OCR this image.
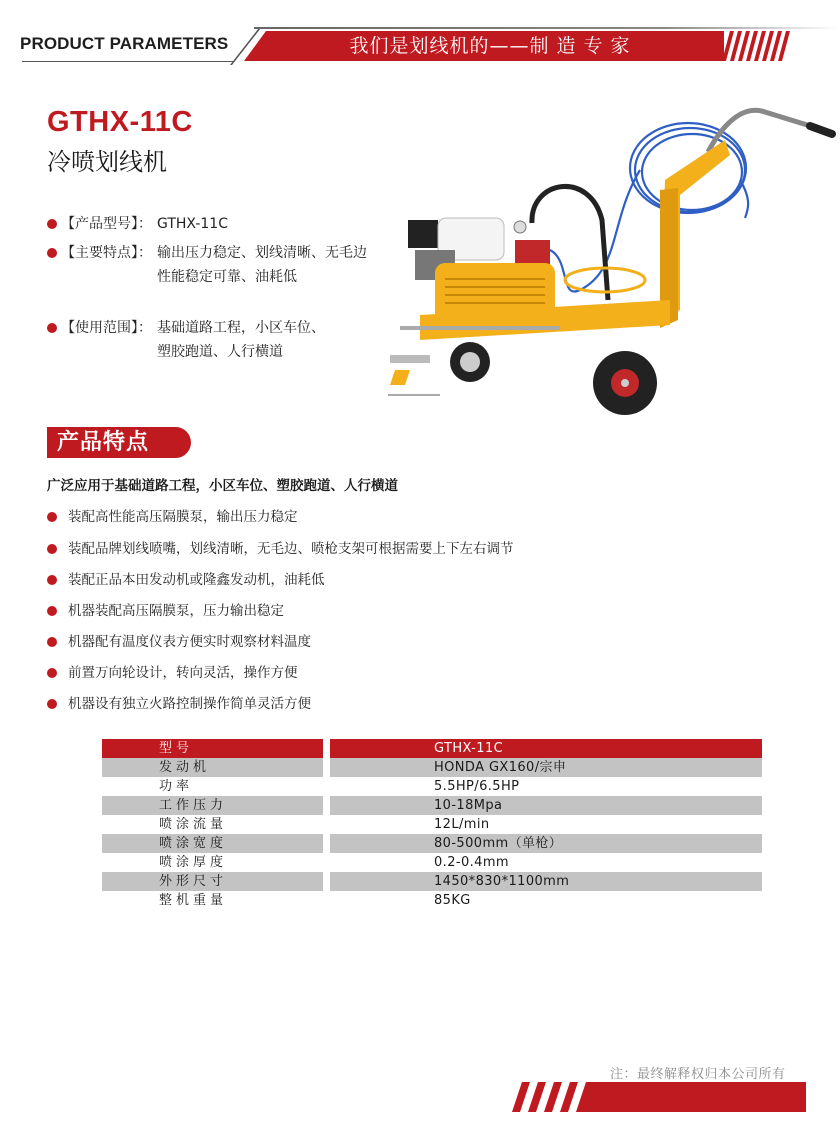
PRODUCT PARAMETERS	我们是划线机的——制 造 专 家
GTHX-11C
冷喷划线机
【产品型号】： GTHX-11C
【主要特点】： 输出压力稳定、划线清晰、无毛边
性能稳定可靠、油耗低
【使用范围】： 基础道路工程，小区车位、
塑胶跑道、人行横道
产品特点
广泛应用于基础道路工程，小区车位、塑胶跑道、人行横道
装配高性能高压隔膜泵，输出压力稳定
装配品牌划线喷嘴，划线清晰，无毛边、喷枪支架可根据需要上下左右调节
装配正品本田发动机或隆鑫发动机，油耗低
机器装配高压隔膜泵，压力输出稳定
机器配有温度仪表方便实时观察材料温度
前置万向轮设计，转向灵活，操作方便
机器设有独立火路控制操作简单灵活方便
型号	GTHX-11C
发动机	HONDA GX160/宗申
功率	5.5HP/6.5HP
工作压力	10-18Mpa
喷涂流量	12L/min
喷涂宽度	80-500mm（单枪）
喷涂厚度	0.2-0.4mm
外形尺寸	1450*830*1100mm
整机重量	85KG
注：最终解释权归本公司所有
